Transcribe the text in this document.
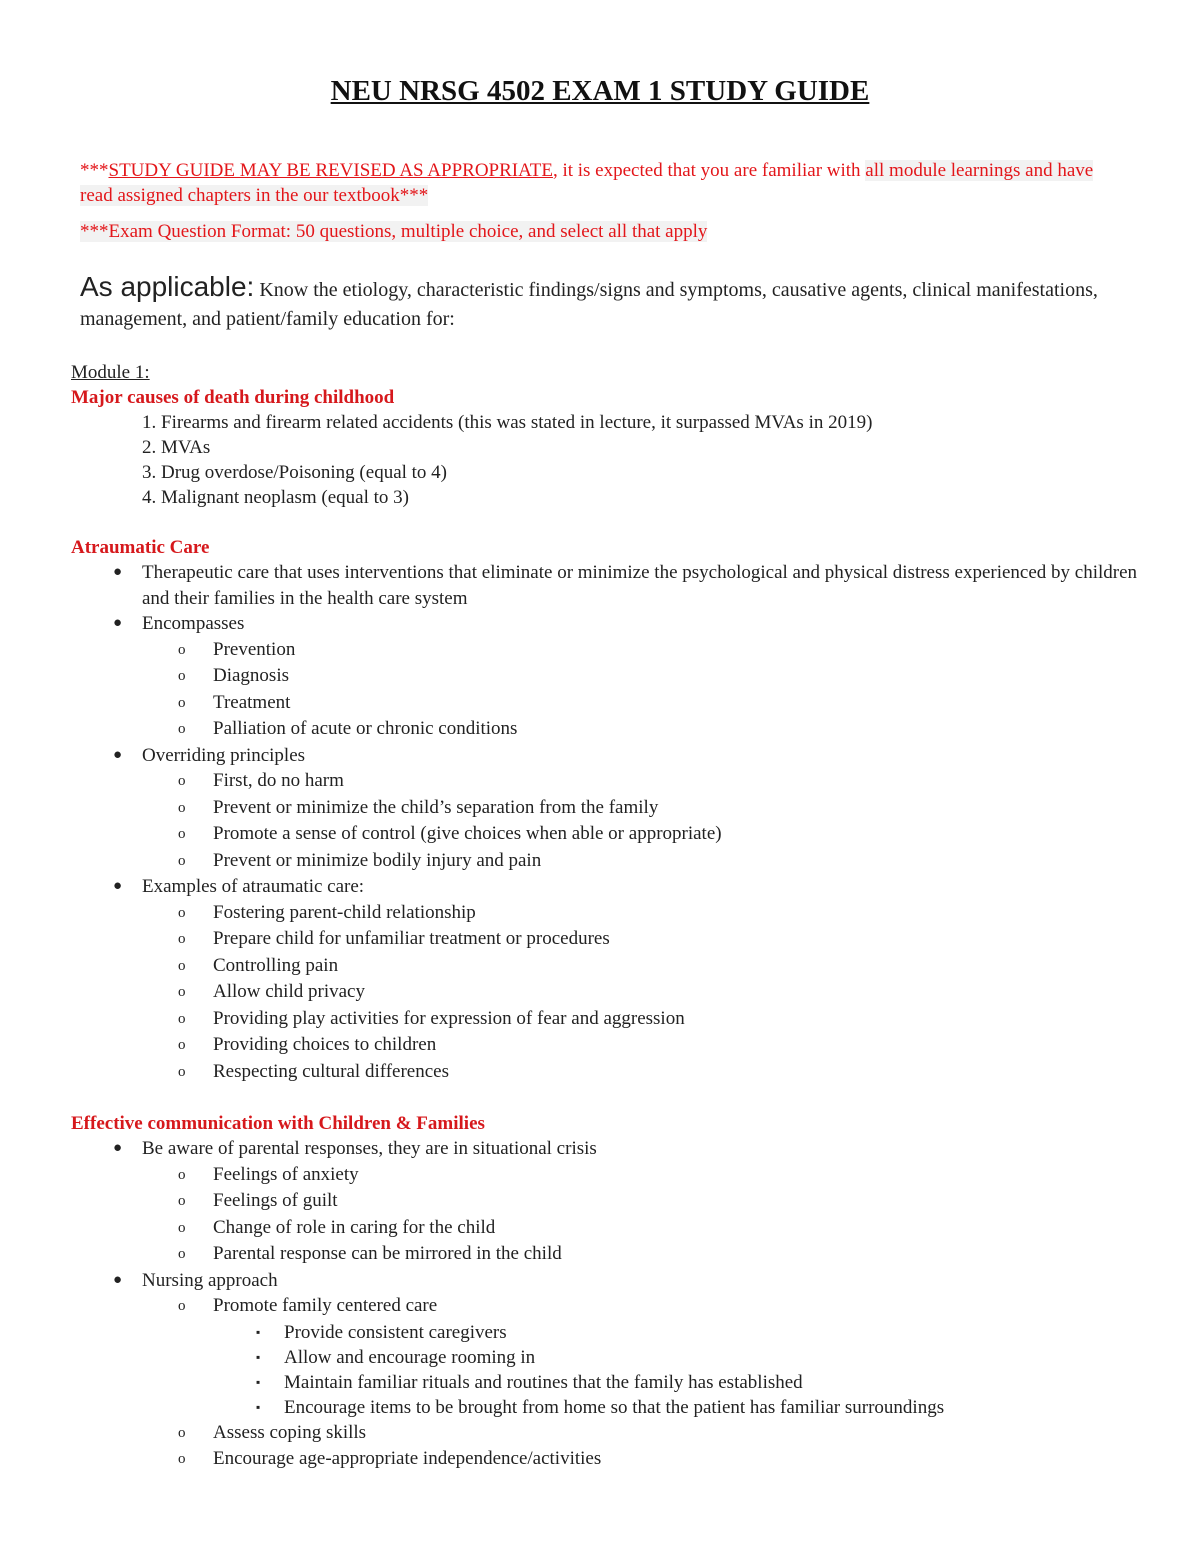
NEU NRSG 4502 EXAM 1 STUDY GUIDE
***STUDY GUIDE MAY BE REVISED AS APPROPRIATE, it is expected that you are familiar with all module learnings and have read assigned chapters in the our textbook***
***Exam Question Format: 50 questions, multiple choice, and select all that apply
As applicable: Know the etiology, characteristic findings/signs and symptoms, causative agents, clinical manifestations, management, and patient/family education for:
Module 1:
Major causes of death during childhood
1. Firearms and firearm related accidents (this was stated in lecture, it surpassed MVAs in 2019)
2. MVAs
3. Drug overdose/Poisoning (equal to 4)
4. Malignant neoplasm (equal to 3)
Atraumatic Care
● Therapeutic care that uses interventions that eliminate or minimize the psychological and physical distress experienced by children and their families in the health care system
● Encompasses
o Prevention
o Diagnosis
o Treatment
o Palliation of acute or chronic conditions
● Overriding principles
o First, do no harm
o Prevent or minimize the child’s separation from the family
o Promote a sense of control (give choices when able or appropriate)
o Prevent or minimize bodily injury and pain
● Examples of atraumatic care:
o Fostering parent-child relationship
o Prepare child for unfamiliar treatment or procedures
o Controlling pain
o Allow child privacy
o Providing play activities for expression of fear and aggression
o Providing choices to children
o Respecting cultural differences
Effective communication with Children & Families
● Be aware of parental responses, they are in situational crisis
o Feelings of anxiety
o Feelings of guilt
o Change of role in caring for the child
o Parental response can be mirrored in the child
● Nursing approach
o Promote family centered care
▪ Provide consistent caregivers
▪ Allow and encourage rooming in
▪ Maintain familiar rituals and routines that the family has established
▪ Encourage items to be brought from home so that the patient has familiar surroundings
o Assess coping skills
o Encourage age-appropriate independence/activities
